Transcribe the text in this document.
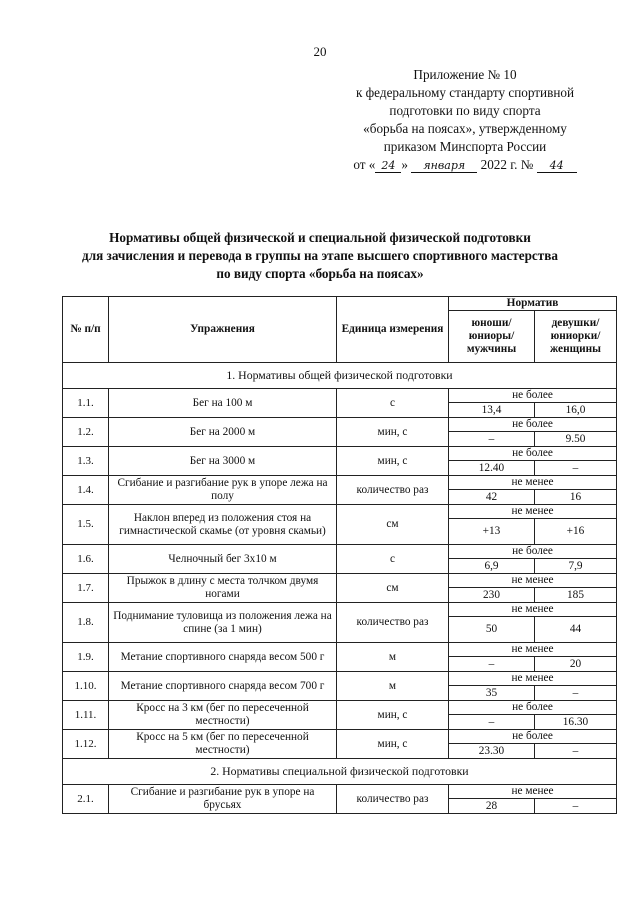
20
Приложение № 10
к федеральному стандарту спортивной
подготовки по виду спорта
«борьба на поясах», утвержденному
приказом Минспорта России
от « 24 » января 2022 г. № 44
Нормативы общей физической и специальной физической подготовки
для зачисления и перевода в группы на этапе высшего спортивного мастерства
по виду спорта «борьба на поясах»
№ п/п	Упражнения	Единица измерения	Норматив	
			юноши/ юниоры/ мужчины	девушки/ юниорки/ женщины
1. Нормативы общей физической подготовки				
1.1.	Бег на 100 м	с	не более	
			13,4	16,0
1.2.	Бег на 2000 м	мин, с	не более	
			–	9.50
1.3.	Бег на 3000 м	мин, с	не более	
			12.40	–
1.4.	Сгибание и разгибание рук в упоре лежа на полу	количество раз	не менее	
			42	16
1.5.	Наклон вперед из положения стоя на гимнастической скамье (от уровня скамьи)	см	не менее	
			+13	+16
1.6.	Челночный бег 3х10 м	с	не более	
			6,9	7,9
1.7.	Прыжок в длину с места толчком двумя ногами	см	не менее	
			230	185
1.8.	Поднимание туловища из положения лежа на спине (за 1 мин)	количество раз	не менее	
			50	44
1.9.	Метание спортивного снаряда весом 500 г	м	не менее	
			–	20
1.10.	Метание спортивного снаряда весом 700 г	м	не менее	
			35	–
1.11.	Кросс на 3 км (бег по пересеченной местности)	мин, с	не более	
			–	16.30
1.12.	Кросс на 5 км (бег по пересеченной местности)	мин, с	не более	
			23.30	–
2. Нормативы специальной физической подготовки				
2.1.	Сгибание и разгибание рук в упоре на брусьях	количество раз	не менее	
			28	–
